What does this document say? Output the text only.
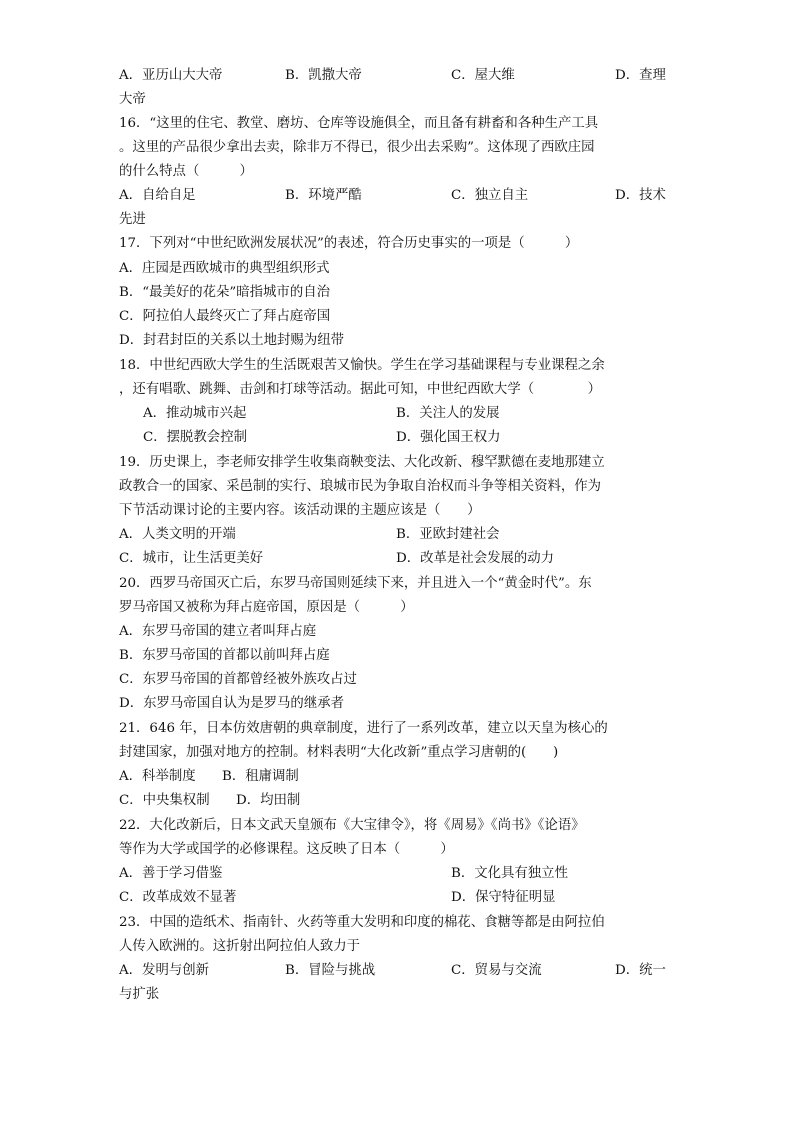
A．亚历山大大帝	B．凯撒大帝	C．屋大维	D．查理
大帝
16．“这里的住宅、教堂、磨坊、仓库等设施俱全，而且备有耕畜和各种生产工具
。这里的产品很少拿出去卖，除非万不得已，很少出去采购”。这体现了西欧庄园
的什么特点（　　　）
A．自给自足	B．环境严酷	C．独立自主	D．技术
先进
17．下列对“中世纪欧洲发展状况”的表述，符合历史事实的一项是（　　　）
A．庄园是西欧城市的典型组织形式
B．“最美好的花朵”暗指城市的自治
C．阿拉伯人最终灭亡了拜占庭帝国
D．封君封臣的关系以土地封赐为纽带
18．中世纪西欧大学生的生活既艰苦又愉快。学生在学习基础课程与专业课程之余
，还有唱歌、跳舞、击剑和打球等活动。据此可知，中世纪西欧大学（　　　　）
A．推动城市兴起	B．关注人的发展
C．摆脱教会控制	D．强化国王权力
19．历史课上，李老师安排学生收集商鞅变法、大化改新、穆罕默德在麦地那建立
政教合一的国家、采邑制的实行、琅城市民为争取自治权而斗争等相关资料，作为
下节活动课讨论的主要内容。该活动课的主题应该是（　　）
A．人类文明的开端	B．亚欧封建社会
C．城市，让生活更美好	D．改革是社会发展的动力
20．西罗马帝国灭亡后，东罗马帝国则延续下来，并且进入一个“黄金时代”。东
罗马帝国又被称为拜占庭帝国，原因是（　　　）
A．东罗马帝国的建立者叫拜占庭
B．东罗马帝国的首都以前叫拜占庭
C．东罗马帝国的首都曾经被外族攻占过
D．东罗马帝国自认为是罗马的继承者
21．646 年，日本仿效唐朝的典章制度，进行了一系列改革，建立以天皇为核心的
封建国家，加强对地方的控制。材料表明“大化改新”重点学习唐朝的(　　)
A．科举制度 B．租庸调制
C．中央集权制 D．均田制
22．大化改新后，日本文武天皇颁布《大宝律令》，将《周易》《尚书》《论语》
等作为大学或国学的必修课程。这反映了日本（　　　）
A．善于学习借鉴	B．文化具有独立性
C．改革成效不显著	D．保守特征明显
23．中国的造纸术、指南针、火药等重大发明和印度的棉花、食糖等都是由阿拉伯
人传入欧洲的。这折射出阿拉伯人致力于
A．发明与创新	B．冒险与挑战	C．贸易与交流	D．统一
与扩张
